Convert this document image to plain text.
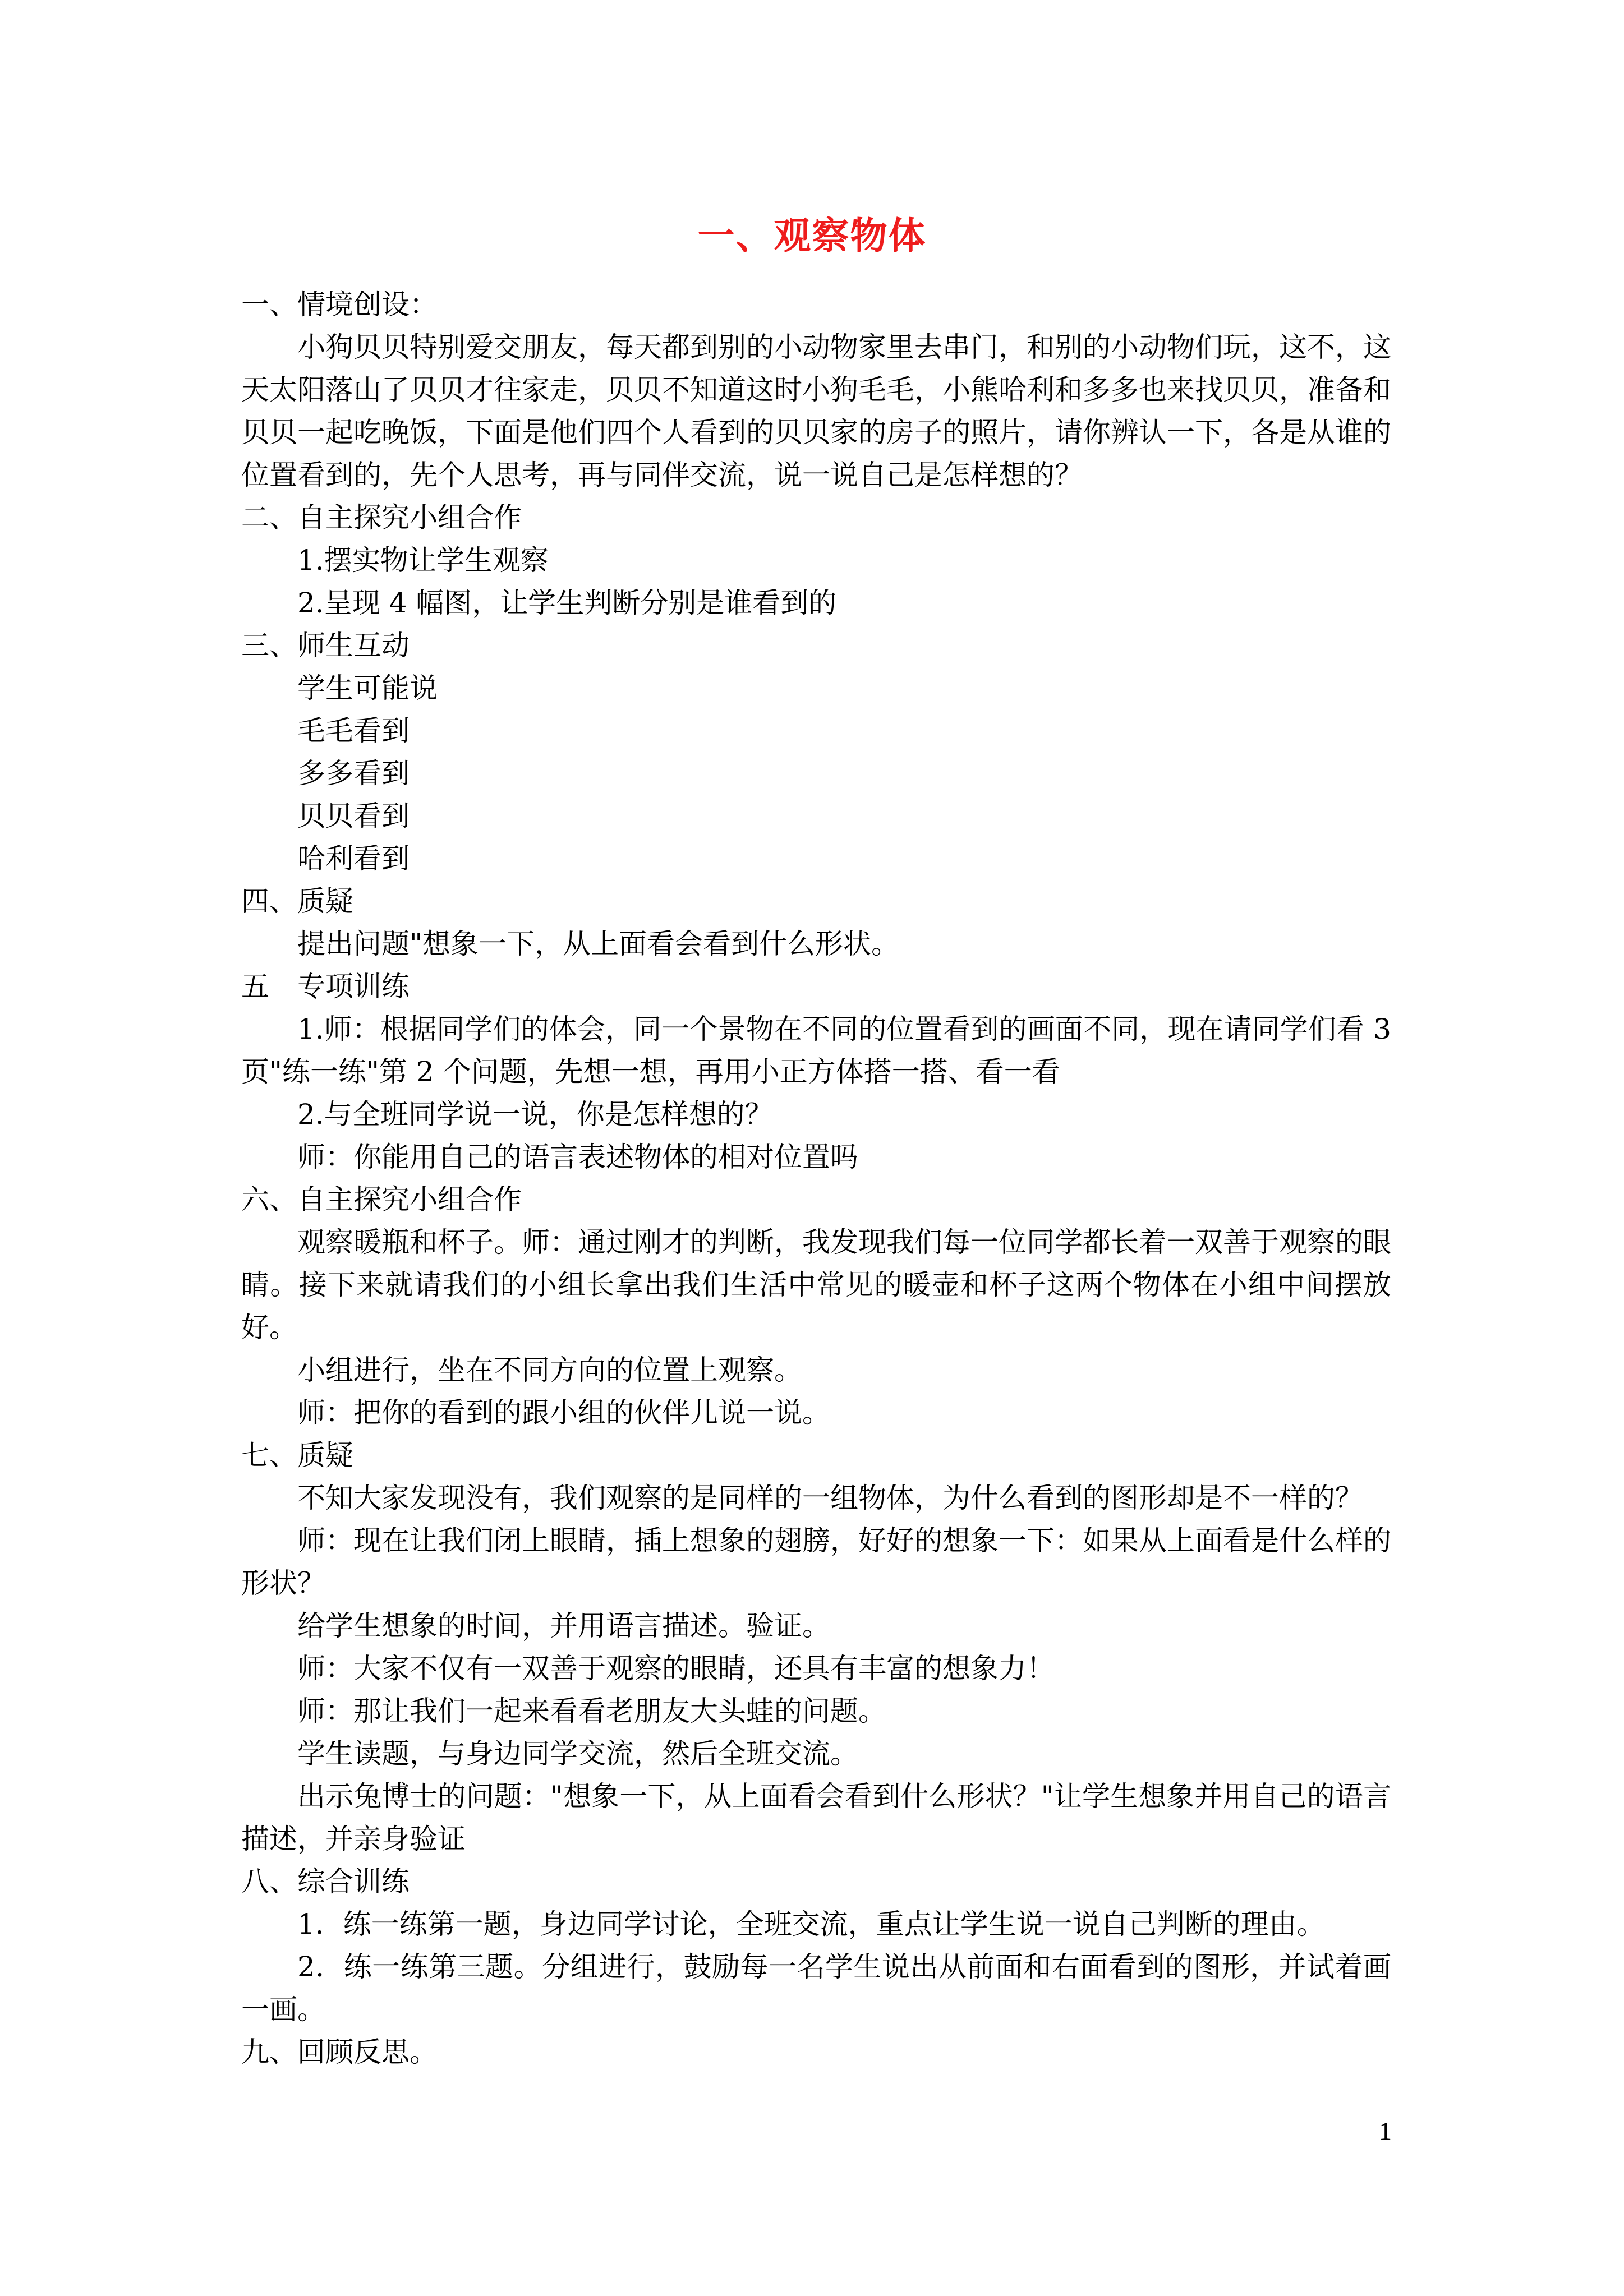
一、观察物体

一、情境创设：

小狗贝贝特别爱交朋友，每天都到别的小动物家里去串门，和别的小动物们玩，这不，这天太阳落山了贝贝才往家走，贝贝不知道这时小狗毛毛，小熊哈利和多多也来找贝贝，准备和贝贝一起吃晚饭，下面是他们四个人看到的贝贝家的房子的照片，请你辨认一下，各是从谁的位置看到的，先个人思考，再与同伴交流，说一说自己是怎样想的？

二、自主探究小组合作

1.摆实物让学生观察

2.呈现 4 幅图，让学生判断分别是谁看到的

三、师生互动

学生可能说

毛毛看到

多多看到

贝贝看到

哈利看到

四、质疑

提出问题"想象一下，从上面看会看到什么形状。

五　专项训练

1.师：根据同学们的体会，同一个景物在不同的位置看到的画面不同，现在请同学们看 3 页"练一练"第 2 个问题，先想一想，再用小正方体搭一搭、看一看

2.与全班同学说一说，你是怎样想的？

师：你能用自己的语言表述物体的相对位置吗

六、自主探究小组合作

观察暖瓶和杯子。师：通过刚才的判断，我发现我们每一位同学都长着一双善于观察的眼睛。接下来就请我们的小组长拿出我们生活中常见的暖壶和杯子这两个物体在小组中间摆放好。

小组进行，坐在不同方向的位置上观察。

师：把你的看到的跟小组的伙伴儿说一说。

七、质疑

不知大家发现没有，我们观察的是同样的一组物体，为什么看到的图形却是不一样的？

师：现在让我们闭上眼睛，插上想象的翅膀，好好的想象一下：如果从上面看是什么样的形状？

给学生想象的时间，并用语言描述。验证。

师：大家不仅有一双善于观察的眼睛，还具有丰富的想象力！

师：那让我们一起来看看老朋友大头蛙的问题。

学生读题，与身边同学交流，然后全班交流。

出示兔博士的问题："想象一下，从上面看会看到什么形状？"让学生想象并用自己的语言描述，并亲身验证

八、综合训练

1．练一练第一题，身边同学讨论，全班交流，重点让学生说一说自己判断的理由。

2．练一练第三题。分组进行，鼓励每一名学生说出从前面和右面看到的图形，并试着画一画。

九、回顾反思。

1
